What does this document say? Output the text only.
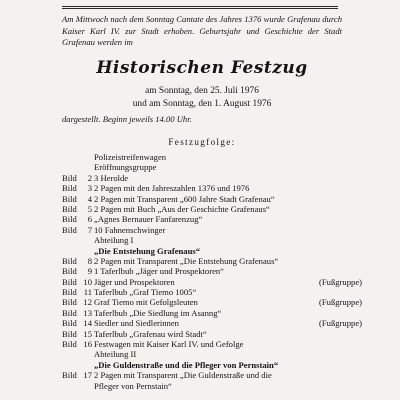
Am Mittwoch nach dem Sonntag Cantate des Jahres 1376 wurde Grafenau durch Kaiser Karl IV. zur Stadt erhoben. Geburtsjahr und Geschichte der Stadt Grafenau werden im
Historischen Festzug
am Sonntag, den 25. Juli 1976
und am Sonntag, den 1. August 1976
dargestellt. Beginn jeweils 14.00 Uhr.
Festzugfolge:
Polizeistreifenwagen
Eröffnungsgruppe
Bild	2 3 Herolde
Bild	3 2 Pagen mit den Jahreszahlen 1376 und 1976
Bild	4 2 Pagen mit Transparent „600 Jahre Stadt Grafenau“
Bild	5 2 Pagen mit Buch „Aus der Geschichte Grafenaus“
Bild	6 „Agnes Bernauer Fanfarenzug“
Bild	7 10 Fahnenschwinger
Abteilung I
„Die Entstehung Grafenaus“
Bild	8 2 Pagen mit Transparent „Die Entstehung Grafenaus“
Bild	9 1 Taferlbub „Jäger und Prospektoren“
Bild 10 Jäger und Prospektoren	(Fußgruppe)
Bild 11 Taferlbub „Graf Tiemo 1005“
Bild 12 Graf Tiemo mit Gefolgsleuten	(Fußgruppe)
Bild 13 Taferlbub „Die Siedlung im Asanng“
Bild 14 Siedler und Siedlerinnen	(Fußgruppe)
Bild 15 Taferlbub „Grafenau wird Stadt“
Bild 16 Festwagen mit Kaiser Karl IV. und Gefolge
Abteilung II
„Die Guldenstraße und die Pfleger von Pernstain“
Bild 17 2 Pagen mit Transparent „Die Guldenstraße und die
Pfleger von Pernstain“
